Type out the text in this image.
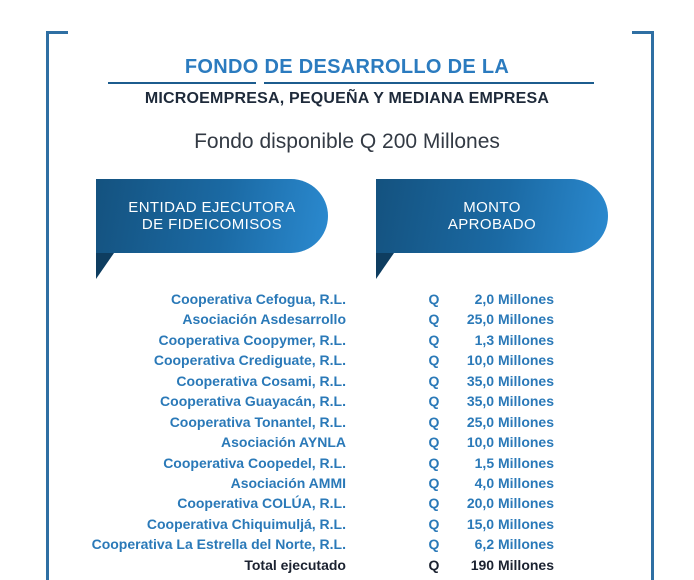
FONDO DE DESARROLLO DE LA
MICROEMPRESA, PEQUEÑA Y MEDIANA EMPRESA
Fondo disponible Q 200 Millones
ENTIDAD EJECUTORA DE FIDEICOMISOS
MONTO APROBADO
Cooperativa Cefogua, R.L.	Q	2,0 Millones
Asociación Asdesarrollo	Q	25,0 Millones
Cooperativa Coopymer, R.L.	Q	1,3 Millones
Cooperativa Crediguate, R.L.	Q	10,0 Millones
Cooperativa Cosami, R.L.	Q	35,0 Millones
Cooperativa Guayacán, R.L.	Q	35,0 Millones
Cooperativa Tonantel, R.L.	Q	25,0 Millones
Asociación AYNLA	Q	10,0 Millones
Cooperativa Coopedel, R.L.	Q	1,5 Millones
Asociación AMMI	Q	4,0 Millones
Cooperativa COLÚA, R.L.	Q	20,0 Millones
Cooperativa Chiquimuljá, R.L.	Q	15,0 Millones
Cooperativa La Estrella del Norte, R.L.	Q	6,2 Millones
Total ejecutado	Q	190 Millones
